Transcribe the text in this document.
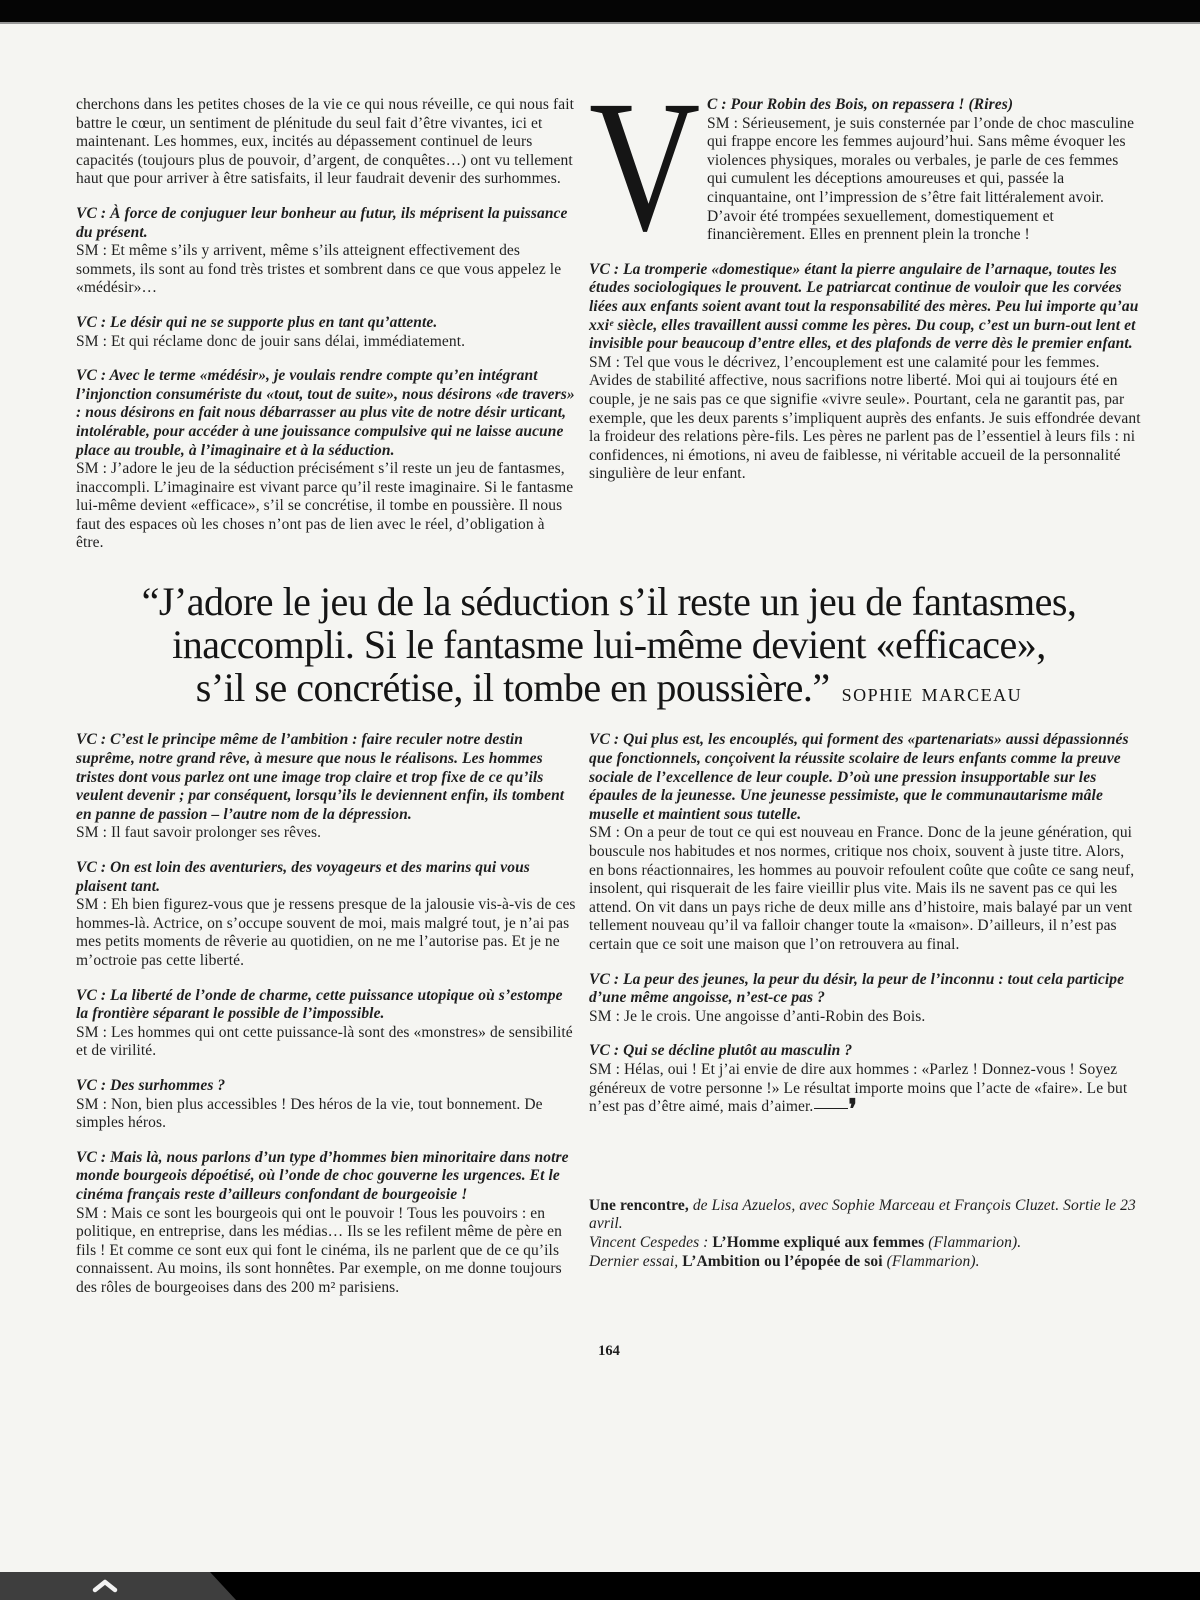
cherchons dans les petites choses de la vie ce qui nous réveille, ce qui nous fait battre le cœur, un sentiment de plénitude du seul fait d’être vivantes, ici et maintenant. Les hommes, eux, incités au dépassement continuel de leurs capacités (toujours plus de pouvoir, d’argent, de conquêtes…) ont vu tellement haut que pour arriver à être satisfaits, il leur faudrait devenir des surhommes.

VC : À force de conjuguer leur bonheur au futur, ils méprisent la puissance du présent.

SM : Et même s’ils y arrivent, même s’ils atteignent effectivement des sommets, ils sont au fond très tristes et sombrent dans ce que vous appelez le «médésir»…

VC : Le désir qui ne se supporte plus en tant qu’attente.

SM : Et qui réclame donc de jouir sans délai, immédiatement.

VC : Avec le terme «médésir», je voulais rendre compte qu’en intégrant l’injonction consumériste du «tout, tout de suite», nous désirons «de travers» : nous désirons en fait nous débarrasser au plus vite de notre désir urticant, intolérable, pour accéder à une jouissance compulsive qui ne laisse aucune place au trouble, à l’imaginaire et à la séduction.

SM : J’adore le jeu de la séduction précisément s’il reste un jeu de fantasmes, inaccompli. L’imaginaire est vivant parce qu’il reste imaginaire. Si le fantasme lui-même devient «efficace», s’il se concrétise, il tombe en poussière. Il nous faut des espaces où les choses n’ont pas de lien avec le réel, d’obligation à être.

V C : Pour Robin des Bois, on repassera ! (Rires)

SM : Sérieusement, je suis consternée par l’onde de choc masculine qui frappe encore les femmes aujourd’hui. Sans même évoquer les violences physiques, morales ou verbales, je parle de ces femmes qui cumulent les déceptions amoureuses et qui, passée la cinquantaine, ont l’impression de s’être fait littéralement avoir. D’avoir été trompées sexuellement, domestiquement et financièrement. Elles en prennent plein la tronche !

VC : La tromperie «domestique» étant la pierre angulaire de l’arnaque, toutes les études sociologiques le prouvent. Le patriarcat continue de vouloir que les corvées liées aux enfants soient avant tout la responsabilité des mères. Peu lui importe qu’au xxiᵉ siècle, elles travaillent aussi comme les pères. Du coup, c’est un burn-out lent et invisible pour beaucoup d’entre elles, et des plafonds de verre dès le premier enfant.

SM : Tel que vous le décrivez, l’encouplement est une calamité pour les femmes. Avides de stabilité affective, nous sacrifions notre liberté. Moi qui ai toujours été en couple, je ne sais pas ce que signifie «vivre seule». Pourtant, cela ne garantit pas, par exemple, que les deux parents s’impliquent auprès des enfants. Je suis effondrée devant la froideur des relations père-fils. Les pères ne parlent pas de l’essentiel à leurs fils : ni confidences, ni émotions, ni aveu de faiblesse, ni véritable accueil de la personnalité singulière de leur enfant.

“J’adore le jeu de la séduction s’il reste un jeu de fantasmes,
inaccompli. Si le fantasme lui-même devient «efficace»,
s’il se concrétise, il tombe en poussière.” sophie marceau

VC : C’est le principe même de l’ambition : faire reculer notre destin suprême, notre grand rêve, à mesure que nous le réalisons. Les hommes tristes dont vous parlez ont une image trop claire et trop fixe de ce qu’ils veulent devenir ; par conséquent, lorsqu’ils le deviennent enfin, ils tombent en panne de passion – l’autre nom de la dépression.

SM : Il faut savoir prolonger ses rêves.

VC : On est loin des aventuriers, des voyageurs et des marins qui vous plaisent tant.

SM : Eh bien figurez-vous que je ressens presque de la jalousie vis-à-vis de ces hommes-là. Actrice, on s’occupe souvent de moi, mais malgré tout, je n’ai pas mes petits moments de rêverie au quotidien, on ne me l’autorise pas. Et je ne m’octroie pas cette liberté.

VC : La liberté de l’onde de charme, cette puissance utopique où s’estompe la frontière séparant le possible de l’impossible.

SM : Les hommes qui ont cette puissance-là sont des «monstres» de sensibilité et de virilité.

VC : Des surhommes ?

SM : Non, bien plus accessibles ! Des héros de la vie, tout bonnement. De simples héros.

VC : Mais là, nous parlons d’un type d’hommes bien minoritaire dans notre monde bourgeois dépoétisé, où l’onde de choc gouverne les urgences. Et le cinéma français reste d’ailleurs confondant de bourgeoisie !

SM : Mais ce sont les bourgeois qui ont le pouvoir ! Tous les pouvoirs : en politique, en entreprise, dans les médias… Ils se les refilent même de père en fils ! Et comme ce sont eux qui font le cinéma, ils ne parlent que de ce qu’ils connaissent. Au moins, ils sont honnêtes. Par exemple, on me donne toujours des rôles de bourgeoises dans des 200 m² parisiens.

VC : Qui plus est, les encouplés, qui forment des «partenariats» aussi dépassionnés que fonctionnels, conçoivent la réussite scolaire de leurs enfants comme la preuve sociale de l’excellence de leur couple. D’où une pression insupportable sur les épaules de la jeunesse. Une jeunesse pessimiste, que le communautarisme mâle muselle et maintient sous tutelle.

SM : On a peur de tout ce qui est nouveau en France. Donc de la jeune génération, qui bouscule nos habitudes et nos normes, critique nos choix, souvent à juste titre. Alors, en bons réactionnaires, les hommes au pouvoir refoulent coûte que coûte ce sang neuf, insolent, qui risquerait de les faire vieillir plus vite. Mais ils ne savent pas ce qui les attend. On vit dans un pays riche de deux mille ans d’histoire, mais balayé par un vent tellement nouveau qu’il va falloir changer toute la «maison». D’ailleurs, il n’est pas certain que ce soit une maison que l’on retrouvera au final.

VC : La peur des jeunes, la peur du désir, la peur de l’inconnu : tout cela participe d’une même angoisse, n’est-ce pas ?

SM : Je le crois. Une angoisse d’anti-Robin des Bois.

VC : Qui se décline plutôt au masculin ?

SM : Hélas, oui ! Et j’ai envie de dire aux hommes : «Parlez ! Donnez-vous ! Soyez généreux de votre personne !» Le résultat importe moins que l’acte de «faire». Le but n’est pas d’être aimé, mais d’aimer. ❜

Une rencontre, de Lisa Azuelos, avec Sophie Marceau et François Cluzet. Sortie le 23 avril.

Vincent Cespedes : L’Homme expliqué aux femmes (Flammarion).

Dernier essai, L’Ambition ou l’épopée de soi (Flammarion).

164
